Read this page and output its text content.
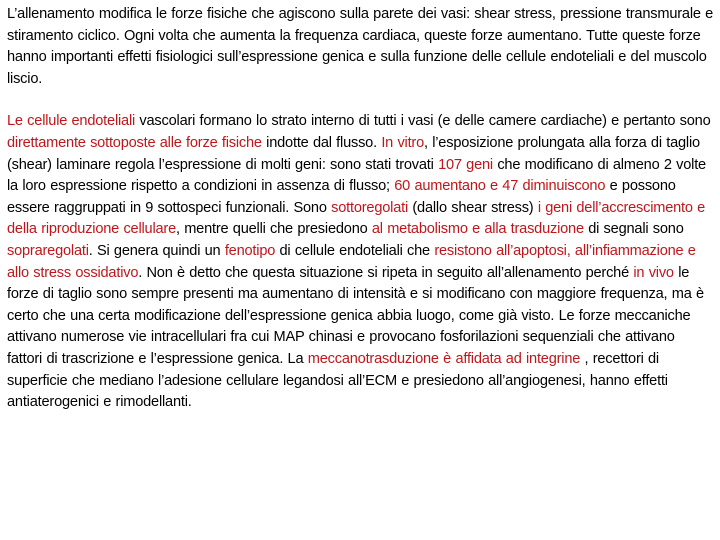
L’allenamento modifica le forze fisiche che agiscono sulla parete dei vasi: shear stress, pressione transmurale e stiramento ciclico. Ogni volta che aumenta la frequenza cardiaca, queste forze aumentano. Tutte queste forze hanno importanti effetti fisiologici sull’espressione genica e sulla funzione delle cellule endoteliali e del muscolo liscio.

Le cellule endoteliali vascolari formano lo strato interno di tutti i vasi (e delle camere cardiache) e pertanto sono direttamente sottoposte alle forze fisiche indotte dal flusso. In vitro, l’esposizione prolungata alla forza di taglio (shear) laminare regola l’espressione di molti geni: sono stati trovati 107 geni che modificano di almeno 2 volte la loro espressione rispetto a condizioni in assenza di flusso; 60 aumentano e 47 diminuiscono e possono essere raggruppati in 9 sottospeci funzionali. Sono sottoregolati (dallo shear stress) i geni dell’accrescimento e della riproduzione cellulare, mentre quelli che presiedono al metabolismo e alla trasduzione di segnali sono sopraregolati. Si genera quindi un fenotipo di cellule endoteliali che resistono all’apoptosi, all’infiammazione e allo stress ossidativo. Non è detto che questa situazione si ripeta in seguito all’allenamento perché in vivo le forze di taglio sono sempre presenti ma aumentano di intensità e si modificano con maggiore frequenza, ma è certo che una certa modificazione dell’espressione genica abbia luogo, come già visto. Le forze meccaniche attivano numerose vie intracellulari fra cui MAP chinasi e provocano fosforilazioni sequenziali che attivano fattori di trascrizione e l’espressione genica. La meccanotrasduzione è affidata ad integrine , recettori di superficie che mediano l’adesione cellulare legandosi all’ECM e presiedono all’angiogenesi, hanno effetti antiaterogenici e rimodellanti.
